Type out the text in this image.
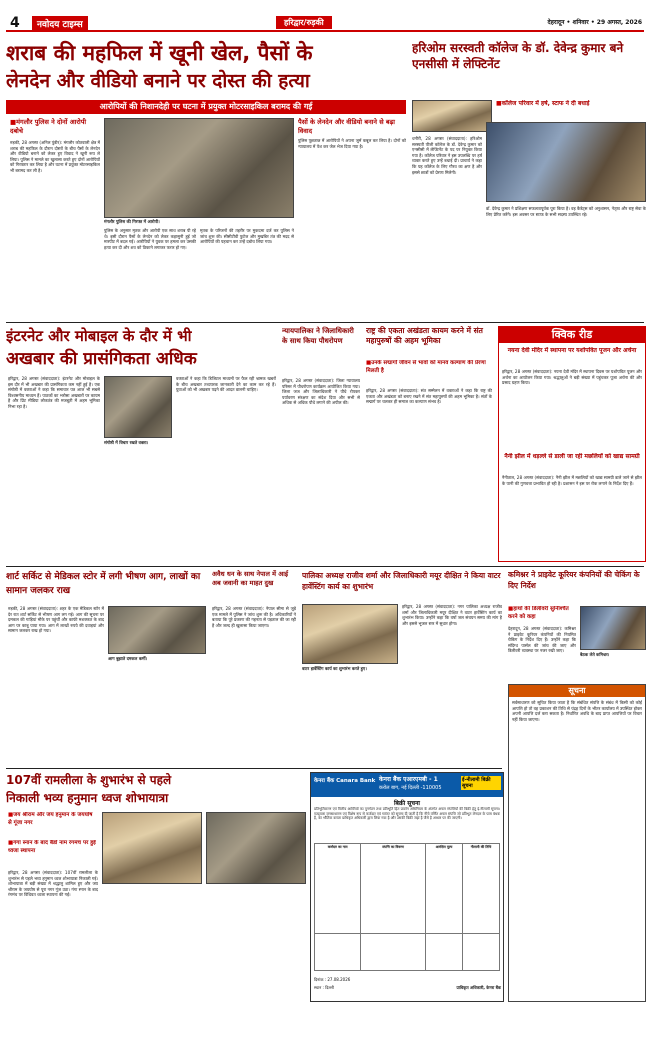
4	नवोदय टाइम्स	हरिद्वार/रुड़की	देहरादून • शनिवार • 29 अगस्त, 2026
शराब की महफिल में खूनी खेल, पैसों के
लेनदेन और वीडियो बनाने पर दोस्त की हत्या
आरोपियों की निशानदेही पर घटना में प्रयुक्त मोटरसाइकिल बरामद की गई
■ मंगलौर पुलिस ने दोनों आरोपी दबोचे
रुड़की, 28 अगस्त (अनिल पुंडीर): मंगलौर कोतवाली क्षेत्र में शराब की महफिल के दौरान दोस्तों के बीच पैसों के लेनदेन और वीडियो बनाने को लेकर हुए विवाद ने खूनी रूप ले लिया। पुलिस ने मामले का खुलासा करते हुए दोनों आरोपियों को गिरफ्तार कर लिया है और घटना में प्रयुक्त मोटरसाइकिल भी बरामद कर ली है।
मंगलौर पुलिस की गिरफ्त में आरोपी।
पुलिस के अनुसार मृतक और आरोपी एक साथ शराब पी रहे थे। इसी दौरान पैसों के लेनदेन को लेकर कहासुनी हुई जो मारपीट में बदल गई। आरोपियों ने युवक पर हमला कर उसकी हत्या कर दी और शव को ठिकाने लगाकर फरार हो गए।
मृतक के परिजनों की तहरीर पर मुकदमा दर्ज कर पुलिस ने जांच शुरू की। सीसीटीवी फुटेज और मुखबिर तंत्र की मदद से आरोपियों की पहचान कर उन्हें दबोच लिया गया।
पैसों के लेनदेन और वीडियो बनाने से बढ़ा विवाद
पुलिस पूछताछ में आरोपियों ने अपना जुर्म कबूल कर लिया है। दोनों को न्यायालय में पेश कर जेल भेज दिया गया है।
हरिओम सरस्वती कॉलेज के डॉ. देवेन्द्र कुमार बने एनसीसी में लेफ्टिनेंट
■ कॉलेज परिवार में हर्ष, स्टाफ ने दी बधाई
धनौरी, 28 अगस्त (संवाददाता): हरिओम सरस्वती पीजी कॉलेज के डॉ. देवेन्द्र कुमार को एनसीसी में लेफ्टिनेंट के पद पर नियुक्त किया गया है। कॉलेज परिवार ने इस उपलब्धि पर हर्ष व्यक्त करते हुए उन्हें बधाई दी। प्राचार्य ने कहा कि यह कॉलेज के लिए गौरव का क्षण है और इससे छात्रों को प्रेरणा मिलेगी।
डॉ. देवेन्द्र कुमार ने प्रशिक्षण सफलतापूर्वक पूरा किया है। वह कैडेट्स को अनुशासन, नेतृत्व और राष्ट्र सेवा के लिए प्रेरित करेंगे। इस अवसर पर स्टाफ के सभी सदस्य उपस्थित रहे।
इंटरनेट और मोबाइल के दौर में भी
अखबार की प्रासंगिकता अधिक
हरिद्वार, 28 अगस्त (संवाददाता): इंटरनेट और मोबाइल के इस दौर में भी अखबार की प्रासंगिकता कम नहीं हुई है। एक संगोष्ठी में वक्ताओं ने कहा कि समाचार पत्र आज भी सबसे विश्वसनीय माध्यम हैं। पाठकों का भरोसा अखबारों पर कायम है और प्रिंट मीडिया लोकतंत्र की मजबूती में अहम भूमिका निभा रहा है।
संगोष्ठी में विचार रखते वक्ता।
वक्ताओं ने कहा कि डिजिटल माध्यमों पर फैल रही भ्रामक खबरों के बीच अखबार तथ्यपरक जानकारी देने का काम कर रहे हैं। युवाओं को भी अखबार पढ़ने की आदत डालनी चाहिए।
न्यायपालिका ने जिलाधिकारी के साथ किया पौधरोपण
हरिद्वार, 28 अगस्त (संवाददाता): जिला न्यायालय परिसर में पौधरोपण कार्यक्रम आयोजित किया गया। जिला जज और जिलाधिकारी ने पौधे रोपकर पर्यावरण संरक्षण का संदेश दिया और सभी से अधिक से अधिक पौधे लगाने की अपील की।
राष्ट्र की एकता अखंडता कायम करने में संत महापुरुषों की अहम भूमिका
■ उनके सद्मार्गों जीवन से भावों को मानव कल्याण की प्रेरणा मिलती है
हरिद्वार, 28 अगस्त (संवाददाता): संत सम्मेलन में वक्ताओं ने कहा कि राष्ट्र की एकता और अखंडता को बनाए रखने में संत महापुरुषों की अहम भूमिका है। संतों के सद्मार्ग पर चलकर ही समाज का कल्याण संभव है।
क्विक रीड
नयना देवी मंदिर में स्थापना पर यशोपवित पूजन और अर्चना
हरिद्वार, 28 अगस्त (संवाददाता): नयना देवी मंदिर में स्थापना दिवस पर यशोपवित पूजन और अर्चना का आयोजन किया गया। श्रद्धालुओं ने बड़ी संख्या में पहुंचकर पूजा अर्चना की और प्रसाद ग्रहण किया।
नैनी झील में धड़ल्ले से डाली जा रही मछलियों को खाद्य सामग्री
नैनीताल, 28 अगस्त (संवाददाता): नैनी झील में मछलियों को खाद्य सामग्री डाले जाने से झील के पानी की गुणवत्ता प्रभावित हो रही है। प्रशासन ने इस पर रोक लगाने के निर्देश दिए हैं।
शार्ट सर्किट से मेडिकल स्टोर में लगी भीषण आग, लाखों का सामान जलकर राख
रुड़की, 28 अगस्त (संवाददाता): शहर के एक मेडिकल स्टोर में देर रात शार्ट सर्किट से भीषण आग लग गई। आग की सूचना पर दमकल की गाड़ियां मौके पर पहुंचीं और काफी मशक्कत के बाद आग पर काबू पाया गया। आग में लाखों रुपये की दवाइयां और सामान जलकर राख हो गया।
आग बुझाते दमकल कर्मी।
अवैध धन के साथ नेपाल में आई अब जवानी का माहत दुख
हरिद्वार, 28 अगस्त (संवाददाता): नेपाल सीमा से जुड़े एक मामले में पुलिस ने जांच शुरू की है। अधिकारियों ने बताया कि पूरे प्रकरण की गहनता से पड़ताल की जा रही है और जल्द ही खुलासा किया जाएगा।
पालिका अध्यक्ष राजीव शर्मा और जिलाधिकारी मयूर दीक्षित ने किया वाटर हार्वेस्टिंग कार्य का शुभारंभ
वाटर हार्वेस्टिंग कार्य का शुभारंभ करते हुए।
हरिद्वार, 28 अगस्त (संवाददाता): नगर पालिका अध्यक्ष राजीव शर्मा और जिलाधिकारी मयूर दीक्षित ने वाटर हार्वेस्टिंग कार्य का शुभारंभ किया। उन्होंने कहा कि वर्षा जल संचयन समय की मांग है और इससे भूजल स्तर में सुधार होगा।
कमिश्नर ने प्राइवेट कूरियर कंपनियों की चेकिंग के दिए निर्देश
■ हाथों की डिलीवरी सुनिश्चित करने को कहा
देहरादून, 28 अगस्त (संवाददाता): कमिश्नर ने प्राइवेट कूरियर कंपनियों की नियमित चेकिंग के निर्देश दिए हैं। उन्होंने कहा कि संदिग्ध पार्सल की जांच की जाए और डिलीवरी व्यवस्था पर नजर रखी जाए।
बैठक लेते कमिश्नर।
सूचना
सर्वसाधारण को सूचित किया जाता है कि संबंधित संपत्ति के संबंध में किसी को कोई आपत्ति हो तो वह प्रकाशन की तिथि से पंद्रह दिनों के भीतर कार्यालय में उपस्थित होकर अपनी आपत्ति दर्ज करा सकता है। निर्धारित अवधि के बाद प्राप्त आपत्तियों पर विचार नहीं किया जाएगा।
107वीं रामलीला के शुभारंभ से पहले
निकाली भव्य हनुमान ध्वज शोभायात्रा
■ जय श्रीराम और जय हनुमान के जयघोष से गूंजा नगर
■ गंगा स्नान के बाद बैंडों नाम रंगमंच पर हुई ध्वजा स्थापना
हरिद्वार, 28 अगस्त (संवाददाता): 107वीं रामलीला के शुभारंभ से पहले भव्य हनुमान ध्वज शोभायात्रा निकाली गई। शोभायात्रा में बड़ी संख्या में श्रद्धालु शामिल हुए और जय श्रीराम के जयघोष से पूरा नगर गूंज उठा। गंगा स्नान के बाद रंगमंच पर विधिवत ध्वजा स्थापना की गई।
केनरा बैंक Canara Bank केनरा बैंक एआरएमबी - 1
करोल बाग, नई दिल्ली -110005
ई-नीलामी बिक्री सूचना
बिक्री सूचना
प्रतिभूतिकरण एवं वित्तीय आस्तियों का पुनर्गठन तथा प्रतिभूति हित प्रवर्तन अधिनियम के अंतर्गत अचल संपत्तियों की बिक्री हेतु ई-नीलामी सूचना। एतद्द्वारा जनसाधारण एवं विशेष रूप से कर्जदार एवं गारंटर को सूचना दी जाती है कि नीचे वर्णित अचल संपत्ति जो प्रतिभूत लेनदार के पास बंधक है, का भौतिक कब्जा प्राधिकृत अधिकारी द्वारा लिया गया है और उसकी बिक्री जहां है जैसे है आधार पर की जाएगी।
कर्जदार का नाम	संपत्ति का विवरण	आरक्षित मूल्य	नीलामी की तिथि

दिनांक : 27.08.2026
स्थान : दिल्ली	प्राधिकृत अधिकारी, केनरा बैंक
